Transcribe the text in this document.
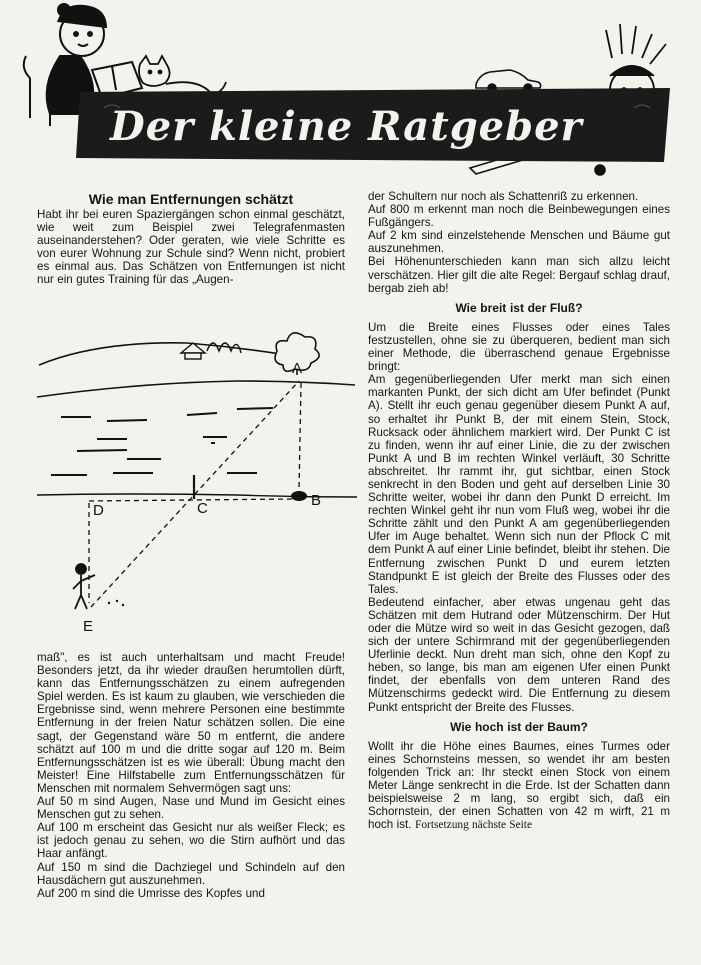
Der kleine Ratgeber
Wie man Entfernungen schätzt

Habt ihr bei euren Spaziergängen schon einmal geschätzt, wie weit zum Beispiel zwei Telegrafenmasten auseinanderstehen? Oder geraten, wie viele Schritte es von eurer Wohnung zur Schule sind? Wenn nicht, probiert es einmal aus. Das Schätzen von Entfernungen ist nicht nur ein gutes Training für das „Augen-

A
B
C
D
E

maß", es ist auch unterhaltsam und macht Freude! Besonders jetzt, da ihr wieder draußen herumtollen dürft, kann das Entfernungsschätzen zu einem aufregenden Spiel werden. Es ist kaum zu glauben, wie verschieden die Ergebnisse sind, wenn mehrere Personen eine bestimmte Entfernung in der freien Natur schätzen sollen. Die eine sagt, der Gegenstand wäre 50 m entfernt, die andere schätzt auf 100 m und die dritte sogar auf 120 m. Beim Entfernungsschätzen ist es wie überall: Übung macht den Meister! Eine Hilfstabelle zum Entfernungsschätzen für Menschen mit normalem Sehvermögen sagt uns:

Auf 50 m sind Augen, Nase und Mund im Gesicht eines Menschen gut zu sehen.

Auf 100 m erscheint das Gesicht nur als weißer Fleck; es ist jedoch genau zu sehen, wo die Stirn aufhört und das Haar anfängt.

Auf 150 m sind die Dachziegel und Schindeln auf den Hausdächern gut auszunehmen.

Auf 200 m sind die Umrisse des Kopfes und

der Schultern nur noch als Schattenriß zu erkennen.

Auf 800 m erkennt man noch die Beinbewegungen eines Fußgängers.

Auf 2 km sind einzelstehende Menschen und Bäume gut auszunehmen.

Bei Höhenunterschieden kann man sich allzu leicht verschätzen. Hier gilt die alte Regel: Bergauf schlag drauf, bergab zieh ab!

Wie breit ist der Fluß?

Um die Breite eines Flusses oder eines Tales festzustellen, ohne sie zu überqueren, bedient man sich einer Methode, die überraschend genaue Ergebnisse bringt:

Am gegenüberliegenden Ufer merkt man sich einen markanten Punkt, der sich dicht am Ufer befindet (Punkt A). Stellt ihr euch genau gegenüber diesem Punkt A auf, so erhaltet ihr Punkt B, der mit einem Stein, Stock, Rucksack oder ähnlichem markiert wird. Der Punkt C ist zu finden, wenn ihr auf einer Linie, die zu der zwischen Punkt A und B im rechten Winkel verläuft, 30 Schritte abschreitet. Ihr rammt ihr, gut sichtbar, einen Stock senkrecht in den Boden und geht auf derselben Linie 30 Schritte weiter, wobei ihr dann den Punkt D erreicht. Im rechten Winkel geht ihr nun vom Fluß weg, wobei ihr die Schritte zählt und den Punkt A am gegenüberliegenden Ufer im Auge behaltet. Wenn sich nun der Pflock C mit dem Punkt A auf einer Linie befindet, bleibt ihr stehen. Die Entfernung zwischen Punkt D und eurem letzten Standpunkt E ist gleich der Breite des Flusses oder des Tales.

Bedeutend einfacher, aber etwas ungenau geht das Schätzen mit dem Hutrand oder Mützenschirm. Der Hut oder die Mütze wird so weit in das Gesicht gezogen, daß sich der untere Schirmrand mit der gegenüberliegenden Uferlinie deckt. Nun dreht man sich, ohne den Kopf zu heben, so lange, bis man am eigenen Ufer einen Punkt findet, der ebenfalls von dem unteren Rand des Mützenschirms gedeckt wird. Die Entfernung zu diesem Punkt entspricht der Breite des Flusses.

Wie hoch ist der Baum?

Wollt ihr die Höhe eines Baumes, eines Turmes oder eines Schornsteins messen, so wendet ihr am besten folgenden Trick an: Ihr steckt einen Stock von einem Meter Länge senkrecht in die Erde. Ist der Schatten dann beispielsweise 2 m lang, so ergibt sich, daß ein Schornstein, der einen Schatten von 42 m wirft, 21 m hoch ist. Fortsetzung nächste Seite
